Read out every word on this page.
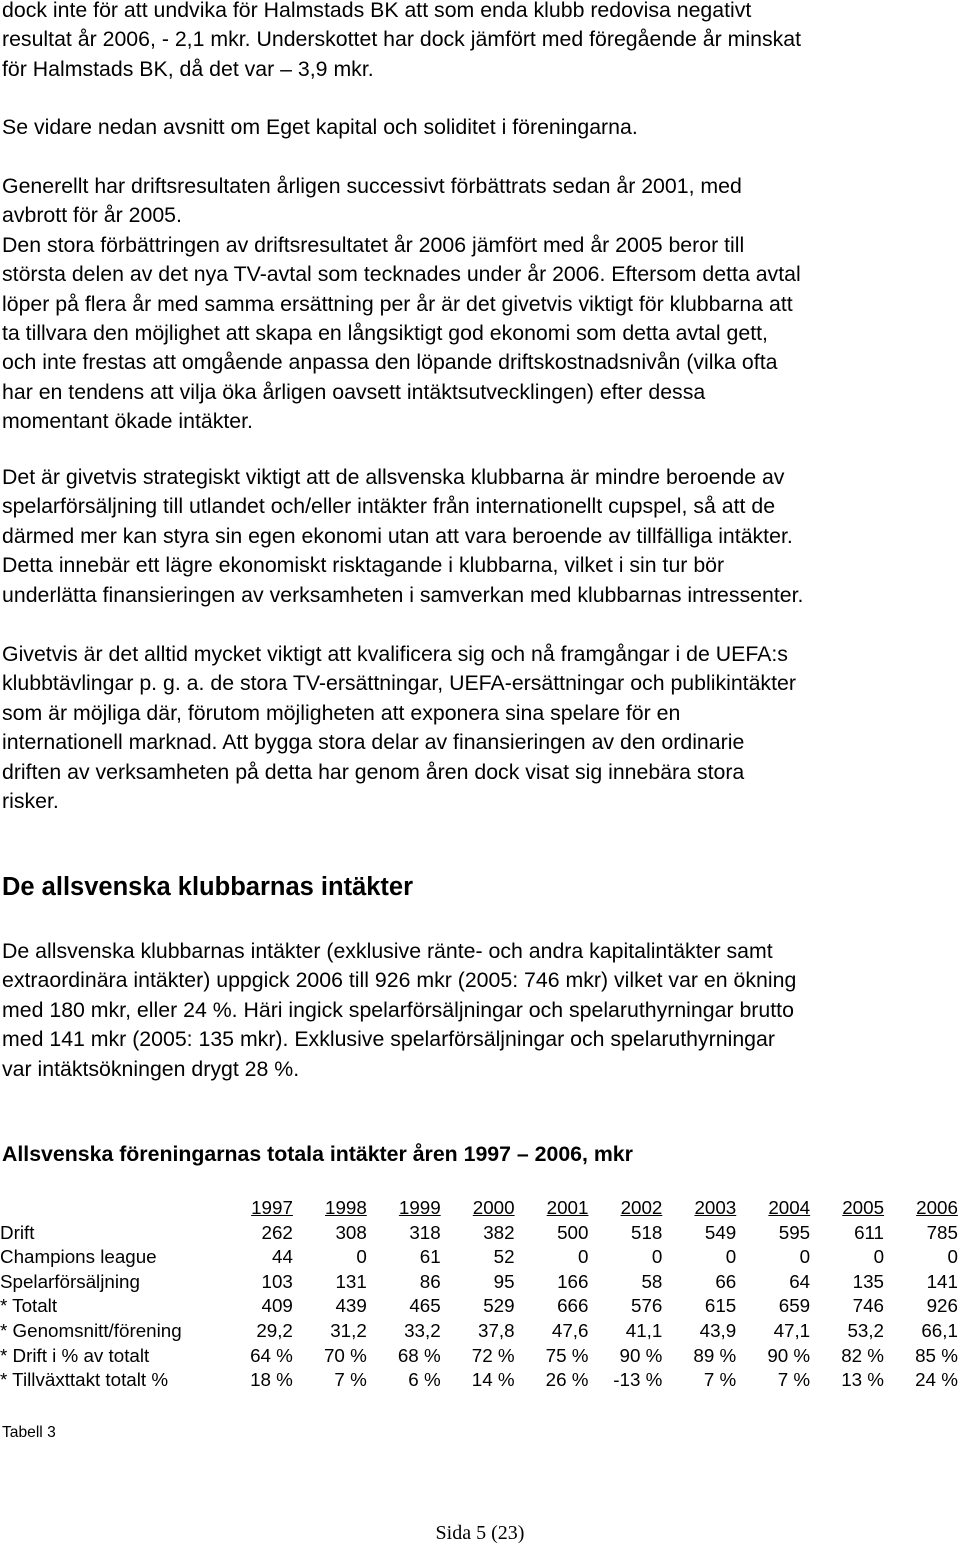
dock inte för att undvika för Halmstads BK att som enda klubb redovisa negativt
resultat år 2006, - 2,1 mkr. Underskottet har dock jämfört med föregående år minskat
för Halmstads BK, då det var – 3,9 mkr.
Se vidare nedan avsnitt om Eget kapital och soliditet i föreningarna.
Generellt har driftsresultaten årligen successivt förbättrats sedan år 2001, med
avbrott för år 2005.
Den stora förbättringen av driftsresultatet år 2006 jämfört med år 2005 beror till
största delen av det nya TV-avtal som tecknades under år 2006. Eftersom detta avtal
löper på flera år med samma ersättning per år är det givetvis viktigt för klubbarna att
ta tillvara den möjlighet att skapa en långsiktigt god ekonomi som detta avtal gett,
och inte frestas att omgående anpassa den löpande driftskostnadsnivån (vilka ofta
har en tendens att vilja öka årligen oavsett intäktsutvecklingen) efter dessa
momentant ökade intäkter.
Det är givetvis strategiskt viktigt att de allsvenska klubbarna är mindre beroende av
spelarförsäljning till utlandet och/eller intäkter från internationellt cupspel, så att de
därmed mer kan styra sin egen ekonomi utan att vara beroende av tillfälliga intäkter.
Detta innebär ett lägre ekonomiskt risktagande i klubbarna, vilket i sin tur bör
underlätta finansieringen av verksamheten i samverkan med klubbarnas intressenter.
Givetvis är det alltid mycket viktigt att kvalificera sig och nå framgångar i de UEFA:s
klubbtävlingar p. g. a. de stora TV-ersättningar, UEFA-ersättningar och publikintäkter
som är möjliga där, förutom möjligheten att exponera sina spelare för en
internationell marknad. Att bygga stora delar av finansieringen av den ordinarie
driften av verksamheten på detta har genom åren dock visat sig innebära stora
risker.
De allsvenska klubbarnas intäkter
De allsvenska klubbarnas intäkter (exklusive ränte- och andra kapitalintäkter samt
extraordinära intäkter) uppgick 2006 till 926 mkr (2005: 746 mkr) vilket var en ökning
med 180 mkr, eller 24 %. Häri ingick spelarförsäljningar och spelaruthyrningar brutto
med 141 mkr (2005: 135 mkr). Exklusive spelarförsäljningar och spelaruthyrningar
var intäktsökningen drygt 28 %.
Allsvenska föreningarnas totala intäkter åren 1997 – 2006, mkr
	1997	1998	1999	2000	2001	2002	2003	2004	2005	2006
Drift	262	308	318	382	500	518	549	595	611	785
Champions league	44	0	61	52	0	0	0	0	0	0
Spelarförsäljning	103	131	86	95	166	58	66	64	135	141
* Totalt	409	439	465	529	666	576	615	659	746	926
* Genomsnitt/förening	29,2	31,2	33,2	37,8	47,6	41,1	43,9	47,1	53,2	66,1
* Drift i % av totalt	64 %	70 %	68 %	72 %	75 %	90 %	89 %	90 %	82 %	85 %
* Tillväxttakt totalt %	18 %	7 %	6 %	14 %	26 %	-13 %	7 %	7 %	13 %	24 %

Tabell 3

Sida 5 (23)
